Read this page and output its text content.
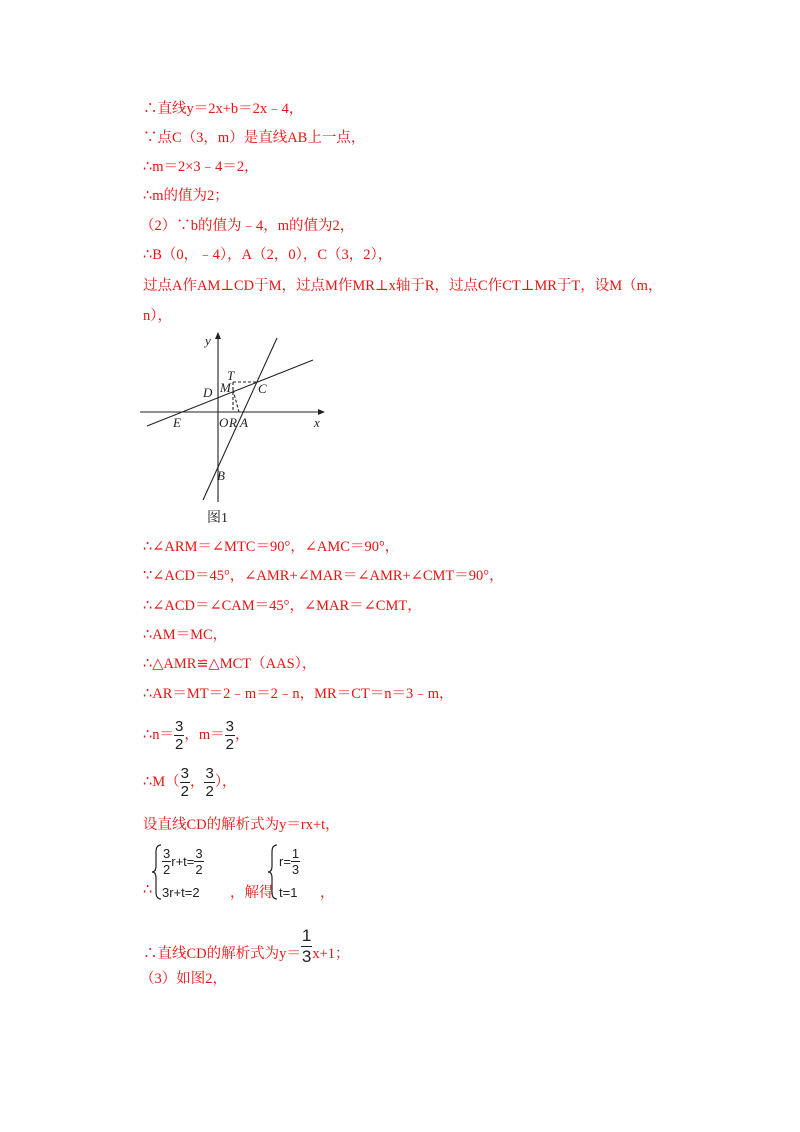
∴直线y＝2x+b＝2x﹣4，
∵点C（3，m）是直线AB上一点，
∴m＝2×3﹣4＝2，
∴m的值为2；
（2）∵b的值为﹣4，m的值为2，
∴B（0，﹣4），A（2，0），C（3，2），
过点A作AM⊥CD于M，过点M作MR⊥x轴于R，过点C作CT⊥MR于T，设M（m，
n），
y
x
T
M
D	C
E	O R A
B
图1
∴∠ARM＝∠MTC＝90°，∠AMC＝90°，
∵∠ACD＝45°，∠AMR+∠MAR＝∠AMR+∠CMT＝90°，
∴∠ACD＝∠CAM＝45°，∠MAR＝∠CMT，
∴AM＝MC，
∴△AMR≌△MCT（AAS），
∴AR＝MT＝2﹣m＝2﹣n，MR＝CT＝n＝3﹣m，
∴n＝ $\frac{3}{2}$ ，$m= \frac{3}{2}$ ，
∴M（ $\frac{3}{2}$ ， $\frac{3}{2}$ ），
设直线CD的解析式为y＝rx+t，
∴
$\frac{3}{2} r+t= \frac{3}{2}$
3r+t=2 ，解得
$r= \frac{1}{3}$
t=1 ，
∴直线CD的解析式为$y= \frac{1}{3} x+1$；
（3）如图2，
